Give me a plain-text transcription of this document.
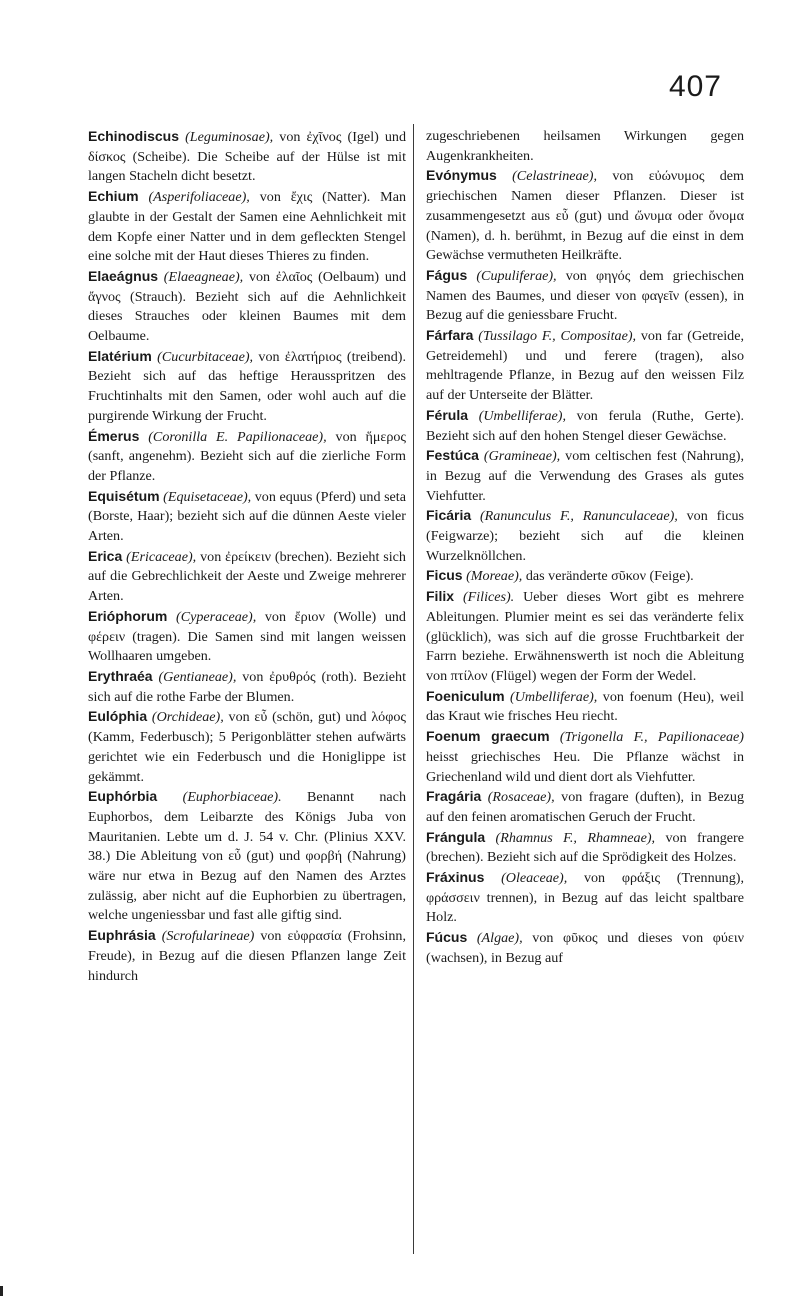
407

Echinodiscus (Leguminosae), von ἐχῖνος (Igel) und δίσκος (Scheibe). Die Scheibe auf der Hülse ist mit langen Stacheln dicht besetzt.

Echium (Asperifoliaceae), von ἔχις (Natter). Man glaubte in der Gestalt der Samen eine Aehnlichkeit mit dem Kopfe einer Natter und in dem gefleckten Stengel eine solche mit der Haut dieses Thieres zu finden.

Elaeágnus (Elaeagneae), von ἐλαῖος (Oelbaum) und ἄγνος (Strauch). Bezieht sich auf die Aehnlichkeit dieses Strauches oder kleinen Baumes mit dem Oelbaume.

Elatérium (Cucurbitaceae), von ἐλατήριος (treibend). Bezieht sich auf das heftige Herausspritzen des Fruchtinhalts mit den Samen, oder wohl auch auf die purgirende Wirkung der Frucht.

Émerus (Coronilla E. Papilionaceae), von ἥμερος (sanft, angenehm). Bezieht sich auf die zierliche Form der Pflanze.

Equisétum (Equisetaceae), von equus (Pferd) und seta (Borste, Haar); bezieht sich auf die dünnen Aeste vieler Arten.

Erica (Ericaceae), von ἐρείκειν (brechen). Bezieht sich auf die Gebrechlichkeit der Aeste und Zweige mehrerer Arten.

Erióphorum (Cyperaceae), von ἔριον (Wolle) und φέρειν (tragen). Die Samen sind mit langen weissen Wollhaaren umgeben.

Erythraéa (Gentianeae), von ἐρυθρός (roth). Bezieht sich auf die rothe Farbe der Blumen.

Eulóphia (Orchideae), von εὖ (schön, gut) und λόφος (Kamm, Federbusch); 5 Perigonblätter stehen aufwärts gerichtet wie ein Federbusch und die Honiglippe ist gekämmt.

Euphórbia (Euphorbiaceae). Benannt nach Euphorbos, dem Leibarzte des Königs Juba von Mauritanien. Lebte um d. J. 54 v. Chr. (Plinius XXV. 38.) Die Ableitung von εὖ (gut) und φορβή (Nahrung) wäre nur etwa in Bezug auf den Namen des Arztes zulässig, aber nicht auf die Euphorbien zu übertragen, welche ungeniessbar und fast alle giftig sind.

Euphrásia (Scrofularineae) von εὐφρασία (Frohsinn, Freude), in Bezug auf die diesen Pflanzen lange Zeit hindurch

zugeschriebenen heilsamen Wirkungen gegen Augenkrankheiten.

Evónymus (Celastrineae), von εὐώνυμος dem griechischen Namen dieser Pflanzen. Dieser ist zusammengesetzt aus εὖ (gut) und ὤνυμα oder ὄνομα (Namen), d. h. berühmt, in Bezug auf die einst in dem Gewächse vermutheten Heilkräfte.

Fágus (Cupuliferae), von φηγός dem griechischen Namen des Baumes, und dieser von φαγεῖν (essen), in Bezug auf die geniessbare Frucht.

Fárfara (Tussilago F., Compositae), von far (Getreide, Getreidemehl) und und ferere (tragen), also mehltragende Pflanze, in Bezug auf den weissen Filz auf der Unterseite der Blätter.

Férula (Umbelliferae), von ferula (Ruthe, Gerte). Bezieht sich auf den hohen Stengel dieser Gewächse.

Festúca (Gramineae), vom celtischen fest (Nahrung), in Bezug auf die Verwendung des Grases als gutes Viehfutter.

Ficária (Ranunculus F., Ranunculaceae), von ficus (Feigwarze); bezieht sich auf die kleinen Wurzelknöllchen.

Ficus (Moreae), das veränderte σῦκον (Feige).

Filix (Filices). Ueber dieses Wort gibt es mehrere Ableitungen. Plumier meint es sei das veränderte felix (glücklich), was sich auf die grosse Fruchtbarkeit der Farrn beziehe. Erwähnenswerth ist noch die Ableitung von πτίλον (Flügel) wegen der Form der Wedel.

Foeniculum (Umbelliferae), von foenum (Heu), weil das Kraut wie frisches Heu riecht.

Foenum graecum (Trigonella F., Papilionaceae) heisst griechisches Heu. Die Pflanze wächst in Griechenland wild und dient dort als Viehfutter.

Fragária (Rosaceae), von fragare (duften), in Bezug auf den feinen aromatischen Geruch der Frucht.

Frángula (Rhamnus F., Rhamneae), von frangere (brechen). Bezieht sich auf die Sprödigkeit des Holzes.

Fráxinus (Oleaceae), von φράξις (Trennung), φράσσειν trennen), in Bezug auf das leicht spaltbare Holz.

Fúcus (Algae), von φῦκος und dieses von φύειν (wachsen), in Bezug auf
